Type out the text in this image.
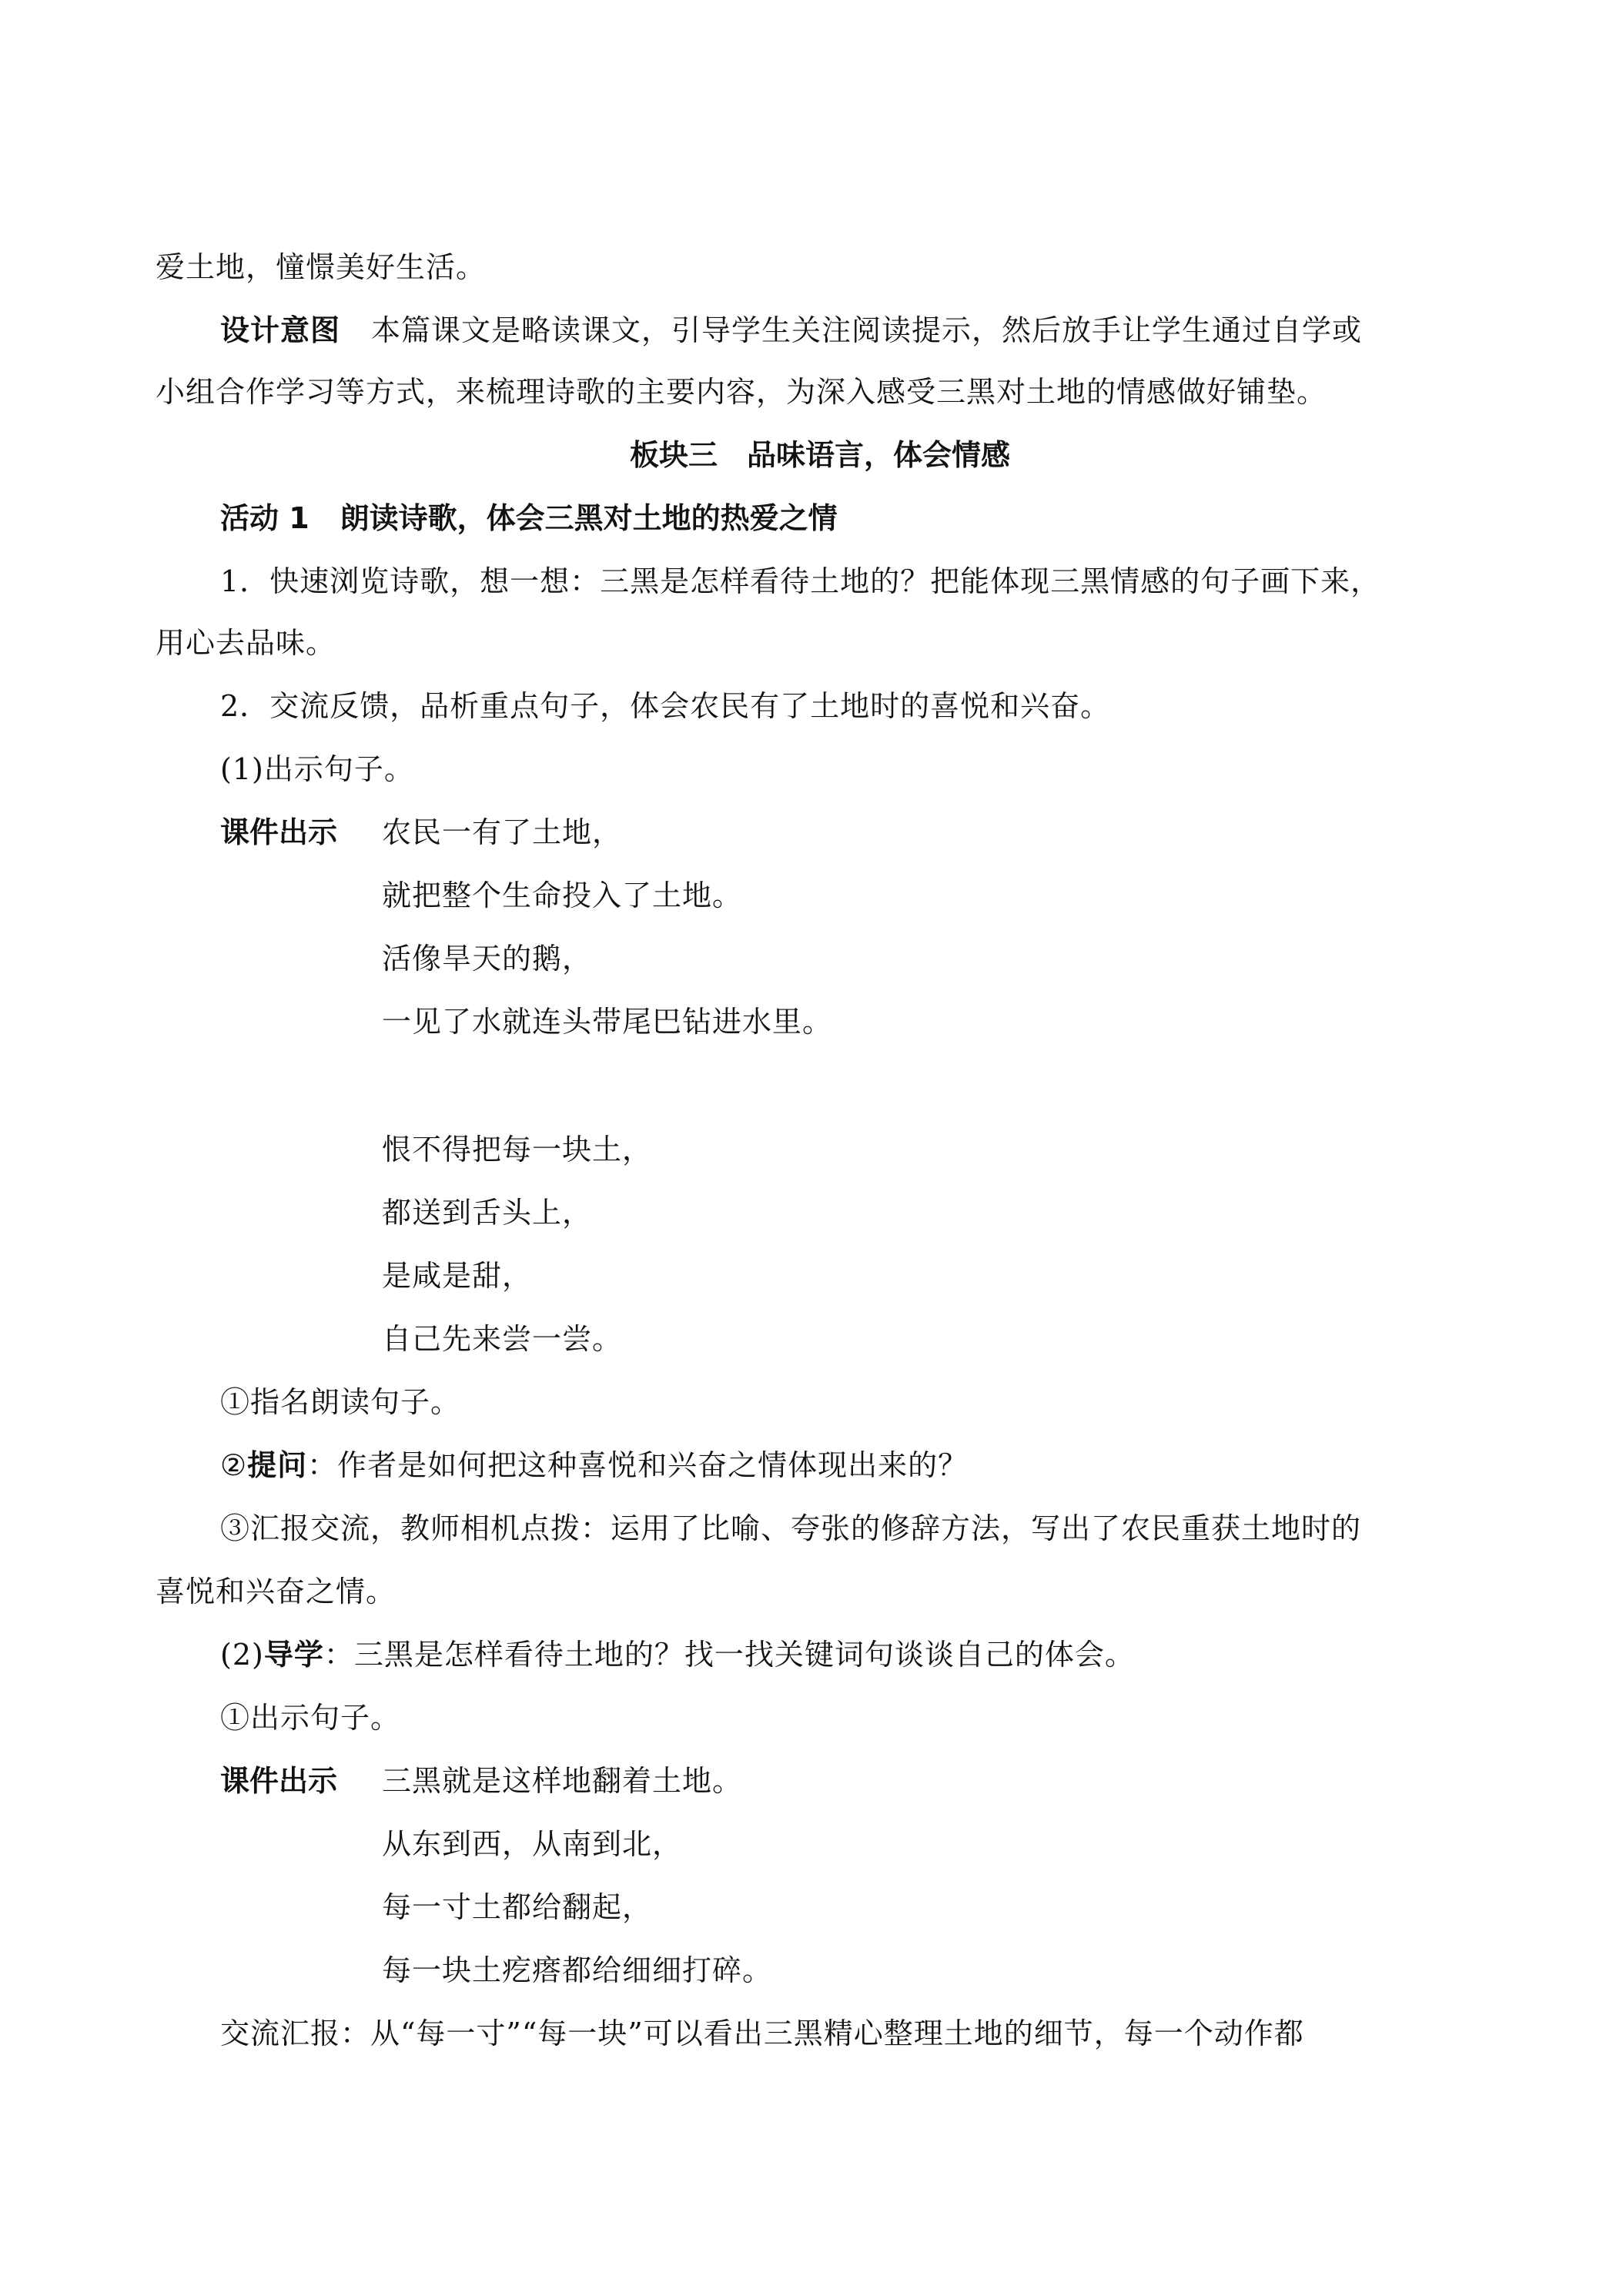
爱土地，憧憬美好生活。
设计意图 本篇课文是略读课文，引导学生关注阅读提示，然后放手让学生通过自学或
小组合作学习等方式，来梳理诗歌的主要内容，为深入感受三黑对土地的情感做好铺垫。
板块三　品味语言，体会情感
活动 1 朗读诗歌，体会三黑对土地的热爱之情
1．快速浏览诗歌，想一想：三黑是怎样看待土地的？把能体现三黑情感的句子画下来，
用心去品味。
2．交流反馈，品析重点句子，体会农民有了土地时的喜悦和兴奋。
(1)出示句子。
课件出示 农民一有了土地，
就把整个生命投入了土地。
活像旱天的鹅，
一见了水就连头带尾巴钻进水里。
恨不得把每一块土，
都送到舌头上，
是咸是甜，
自己先来尝一尝。
①指名朗读句子。
②提问：作者是如何把这种喜悦和兴奋之情体现出来的？
③汇报交流，教师相机点拨：运用了比喻、夸张的修辞方法，写出了农民重获土地时的
喜悦和兴奋之情。
(2)导学：三黑是怎样看待土地的？找一找关键词句谈谈自己的体会。
①出示句子。
课件出示 三黑就是这样地翻着土地。
从东到西，从南到北，
每一寸土都给翻起，
每一块土疙瘩都给细细打碎。
交流汇报：从“每一寸”“每一块”可以看出三黑精心整理土地的细节，每一个动作都
